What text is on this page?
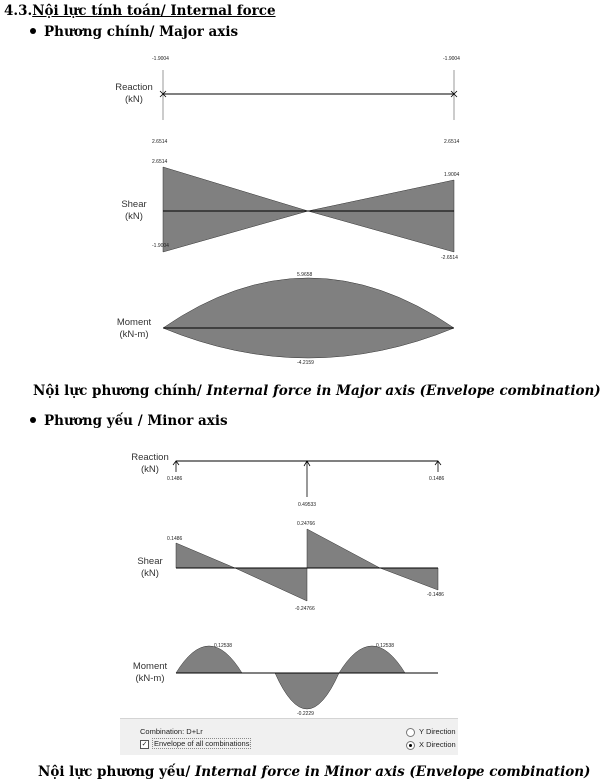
4.3.Nội lực tính toán/ Internal force
Phương chính/ Major axis
Reaction
(kN)
-1.9004	-1.9004
2.6514	2.6514
Shear
(kN)
2.6514
1.9004
-1.9004
-2.6514
Moment
(kN-m)
5.9658
-4.2159
Nội lực phương chính/ Internal force in Major axis (Envelope combination)
Phương yếu / Minor axis
Reaction
(kN)
0.1486
0.49533
0.1486
Shear
(kN)
0.1486
0.24766
-0.24766
-0.1486
Moment
(kN-m)
0.12538	0.12538
-0.2229
Combination: D+Lr
✓ Envelope of all combinations
Y Direction
X Direction
Nội lực phương yếu/ Internal force in Minor axis (Envelope combination)
